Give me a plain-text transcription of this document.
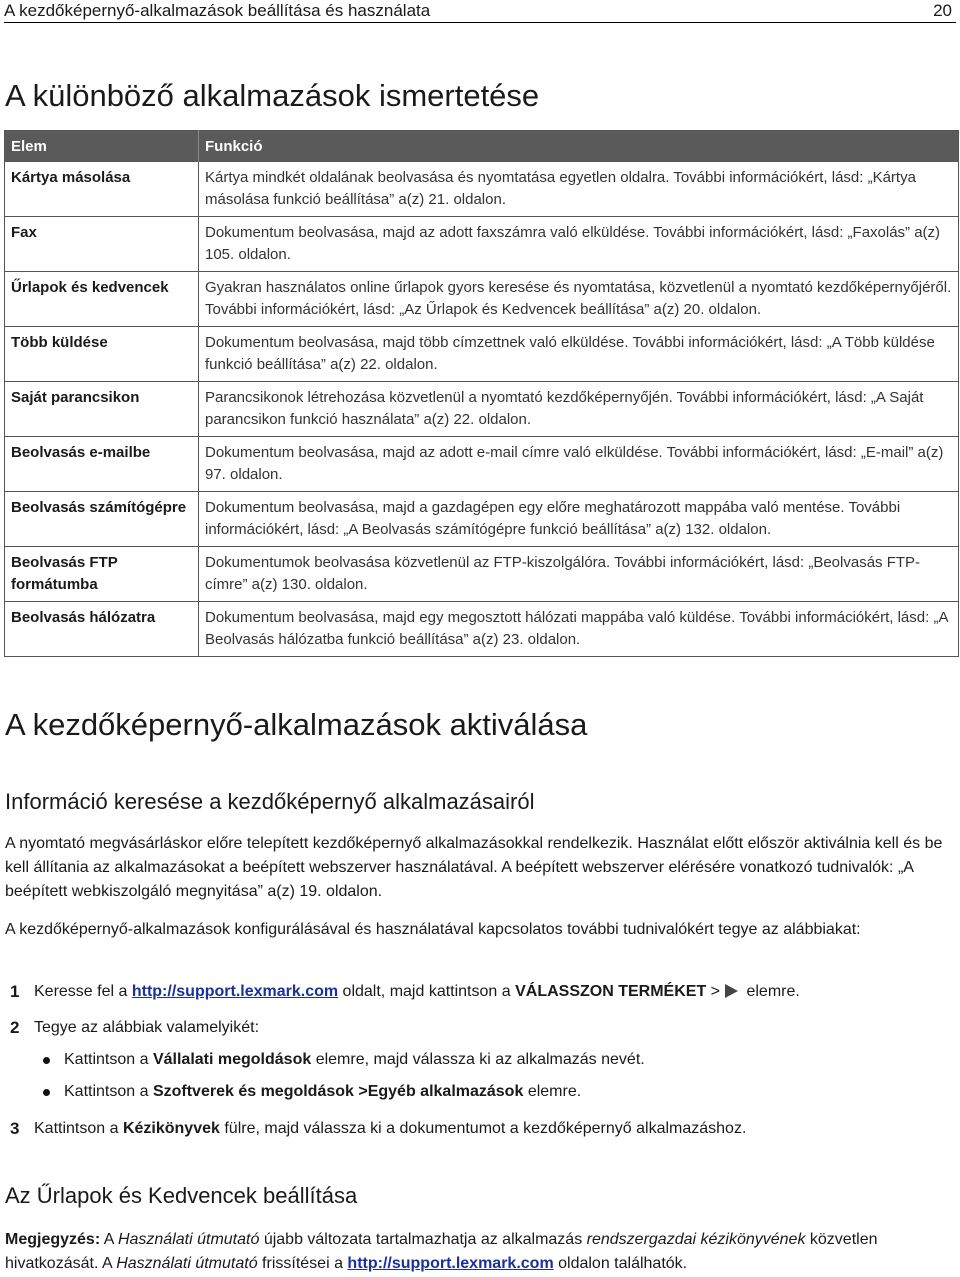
A kezdőképernyő-alkalmazások beállítása és használata	20
A különböző alkalmazások ismertetése
Elem	Funkció
Kártya másolása	Kártya mindkét oldalának beolvasása és nyomtatása egyetlen oldalra. További információkért, lásd: „Kártya másolása funkció beállítása” a(z) 21. oldalon.
Fax	Dokumentum beolvasása, majd az adott faxszámra való elküldése. További információkért, lásd: „Faxolás” a(z) 105. oldalon.
Űrlapok és kedvencek	Gyakran használatos online űrlapok gyors keresése és nyomtatása, közvetlenül a nyomtató kezdőképernyőjéről. További információkért, lásd: „Az Űrlapok és Kedvencek beállítása” a(z) 20. oldalon.
Több küldése	Dokumentum beolvasása, majd több címzettnek való elküldése. További információkért, lásd: „A Több küldése funkció beállítása” a(z) 22. oldalon.
Saját parancsikon	Parancsikonok létrehozása közvetlenül a nyomtató kezdőképernyőjén. További információkért, lásd: „A Saját parancsikon funkció használata” a(z) 22. oldalon.
Beolvasás e-mailbe	Dokumentum beolvasása, majd az adott e-mail címre való elküldése. További információkért, lásd: „E-mail” a(z) 97. oldalon.
Beolvasás számítógépre	Dokumentum beolvasása, majd a gazdagépen egy előre meghatározott mappába való mentése. További információkért, lásd: „A Beolvasás számítógépre funkció beállítása” a(z) 132. oldalon.
Beolvasás FTP formátumba	Dokumentumok beolvasása közvetlenül az FTP-kiszolgálóra. További információkért, lásd: „Beolvasás FTP-címre” a(z) 130. oldalon.
Beolvasás hálózatra	Dokumentum beolvasása, majd egy megosztott hálózati mappába való küldése. További információkért, lásd: „A Beolvasás hálózatba funkció beállítása” a(z) 23. oldalon.
A kezdőképernyő-alkalmazások aktiválása
Információ keresése a kezdőképernyő alkalmazásairól

A nyomtató megvásárláskor előre telepített kezdőképernyő alkalmazásokkal rendelkezik. Használat előtt először aktiválnia kell és be kell állítania az alkalmazásokat a beépített webszerver használatával. A beépített webszerver elérésére vonatkozó tudnivalók: „A beépített webkiszolgáló megnyitása” a(z) 19. oldalon.

A kezdőképernyő-alkalmazások konfigurálásával és használatával kapcsolatos további tudnivalókért tegye az alábbiakat:

1 Keresse fel a http://support.lexmark.com oldalt, majd kattintson a VÁLASSZON TERMÉKET > elemre.
2 Tegye az alábbiak valamelyikét:
Kattintson a Vállalati megoldások elemre, majd válassza ki az alkalmazás nevét.
Kattintson a Szoftverek és megoldások >Egyéb alkalmazások elemre.
3 Kattintson a Kézikönyvek fülre, majd válassza ki a dokumentumot a kezdőképernyő alkalmazáshoz.
Az Űrlapok és Kedvencek beállítása

Megjegyzés: A Használati útmutató újabb változata tartalmazhatja az alkalmazás rendszergazdai kézikönyvének közvetlen hivatkozását. A Használati útmutató frissítései a http://support.lexmark.com oldalon találhatók.
